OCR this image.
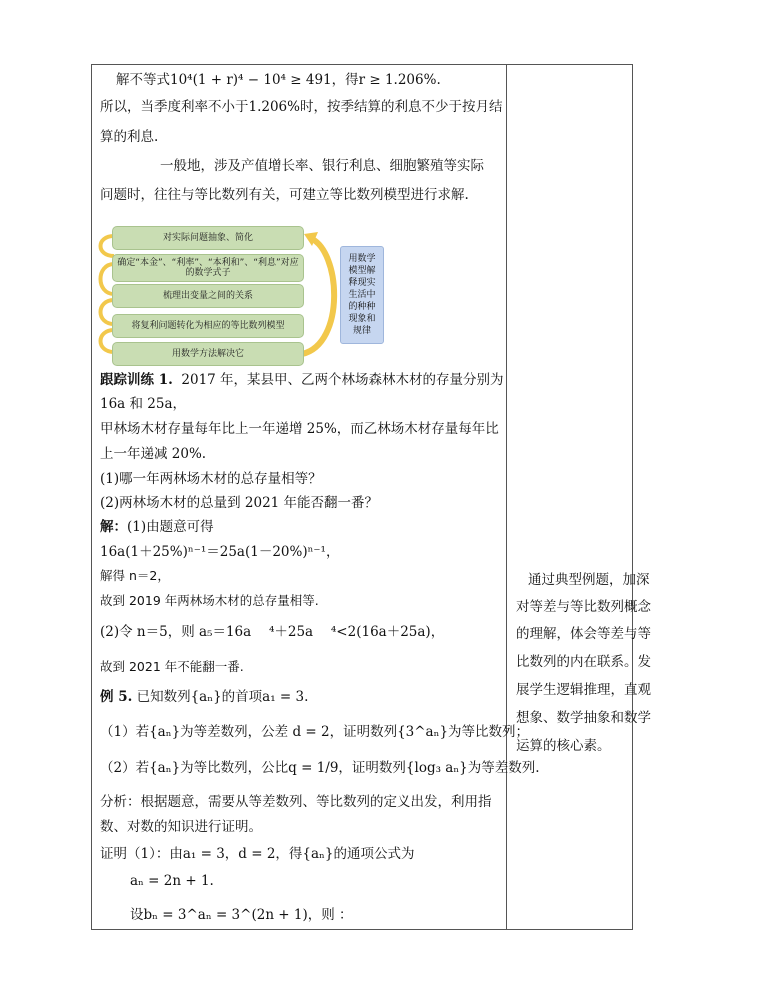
解不等式10⁴(1 + r)⁴ − 10⁴ ≥ 491，得r ≥ 1.206%.
所以，当季度利率不小于1.206%时，按季结算的利息不少于按月结
算的利息.
一般地，涉及产值增长率、银行利息、细胞繁殖等实际
问题时，往往与等比数列有关，可建立等比数列模型进行求解.
对实际问题抽象、简化
确定“本金”、“利率”、“本利和”、“利息”对应的数学式子
梳理出变量之间的关系
将复利问题转化为相应的等比数列模型
用数学方法解决它
用数学模型解释现实生活中的种种现象和规律
跟踪训练 1. 2017 年，某县甲、乙两个林场森林木材的存量分别为
16a 和 25a，
甲林场木材存量每年比上一年递增 25%，而乙林场木材存量每年比
上一年递减 20%.
(1)哪一年两林场木材的总存量相等？
(2)两林场木材的总量到 2021 年能否翻一番？
解：(1)由题意可得
16a(1＋25%)ⁿ⁻¹＝25a(1－20%)ⁿ⁻¹，
解得 n＝2，
故到 2019 年两林场木材的总存量相等.
(2)令 n＝5，则 a₅＝16a　 ⁴＋25a　 ⁴<2(16a＋25a)，
故到 2021 年不能翻一番.
例 5. 已知数列{aₙ}的首项a₁ = 3.
（1）若{aₙ}为等差数列，公差 d = 2，证明数列{3^aₙ}为等比数列；
（2）若{aₙ}为等比数列，公比q = 1/9，证明数列{log₃ aₙ}为等差数列.
分析：根据题意，需要从等差数列、等比数列的定义出发，利用指
数、对数的知识进行证明。
证明（1）：由a₁ = 3，d = 2，得{aₙ}的通项公式为
aₙ = 2n + 1.
设bₙ = 3^aₙ = 3^(2n + 1)，则 ：
通过典型例题，加深
对等差与等比数列概念
的理解，体会等差与等
比数列的内在联系。发
展学生逻辑推理，直观
想象、数学抽象和数学
运算的核心素。
